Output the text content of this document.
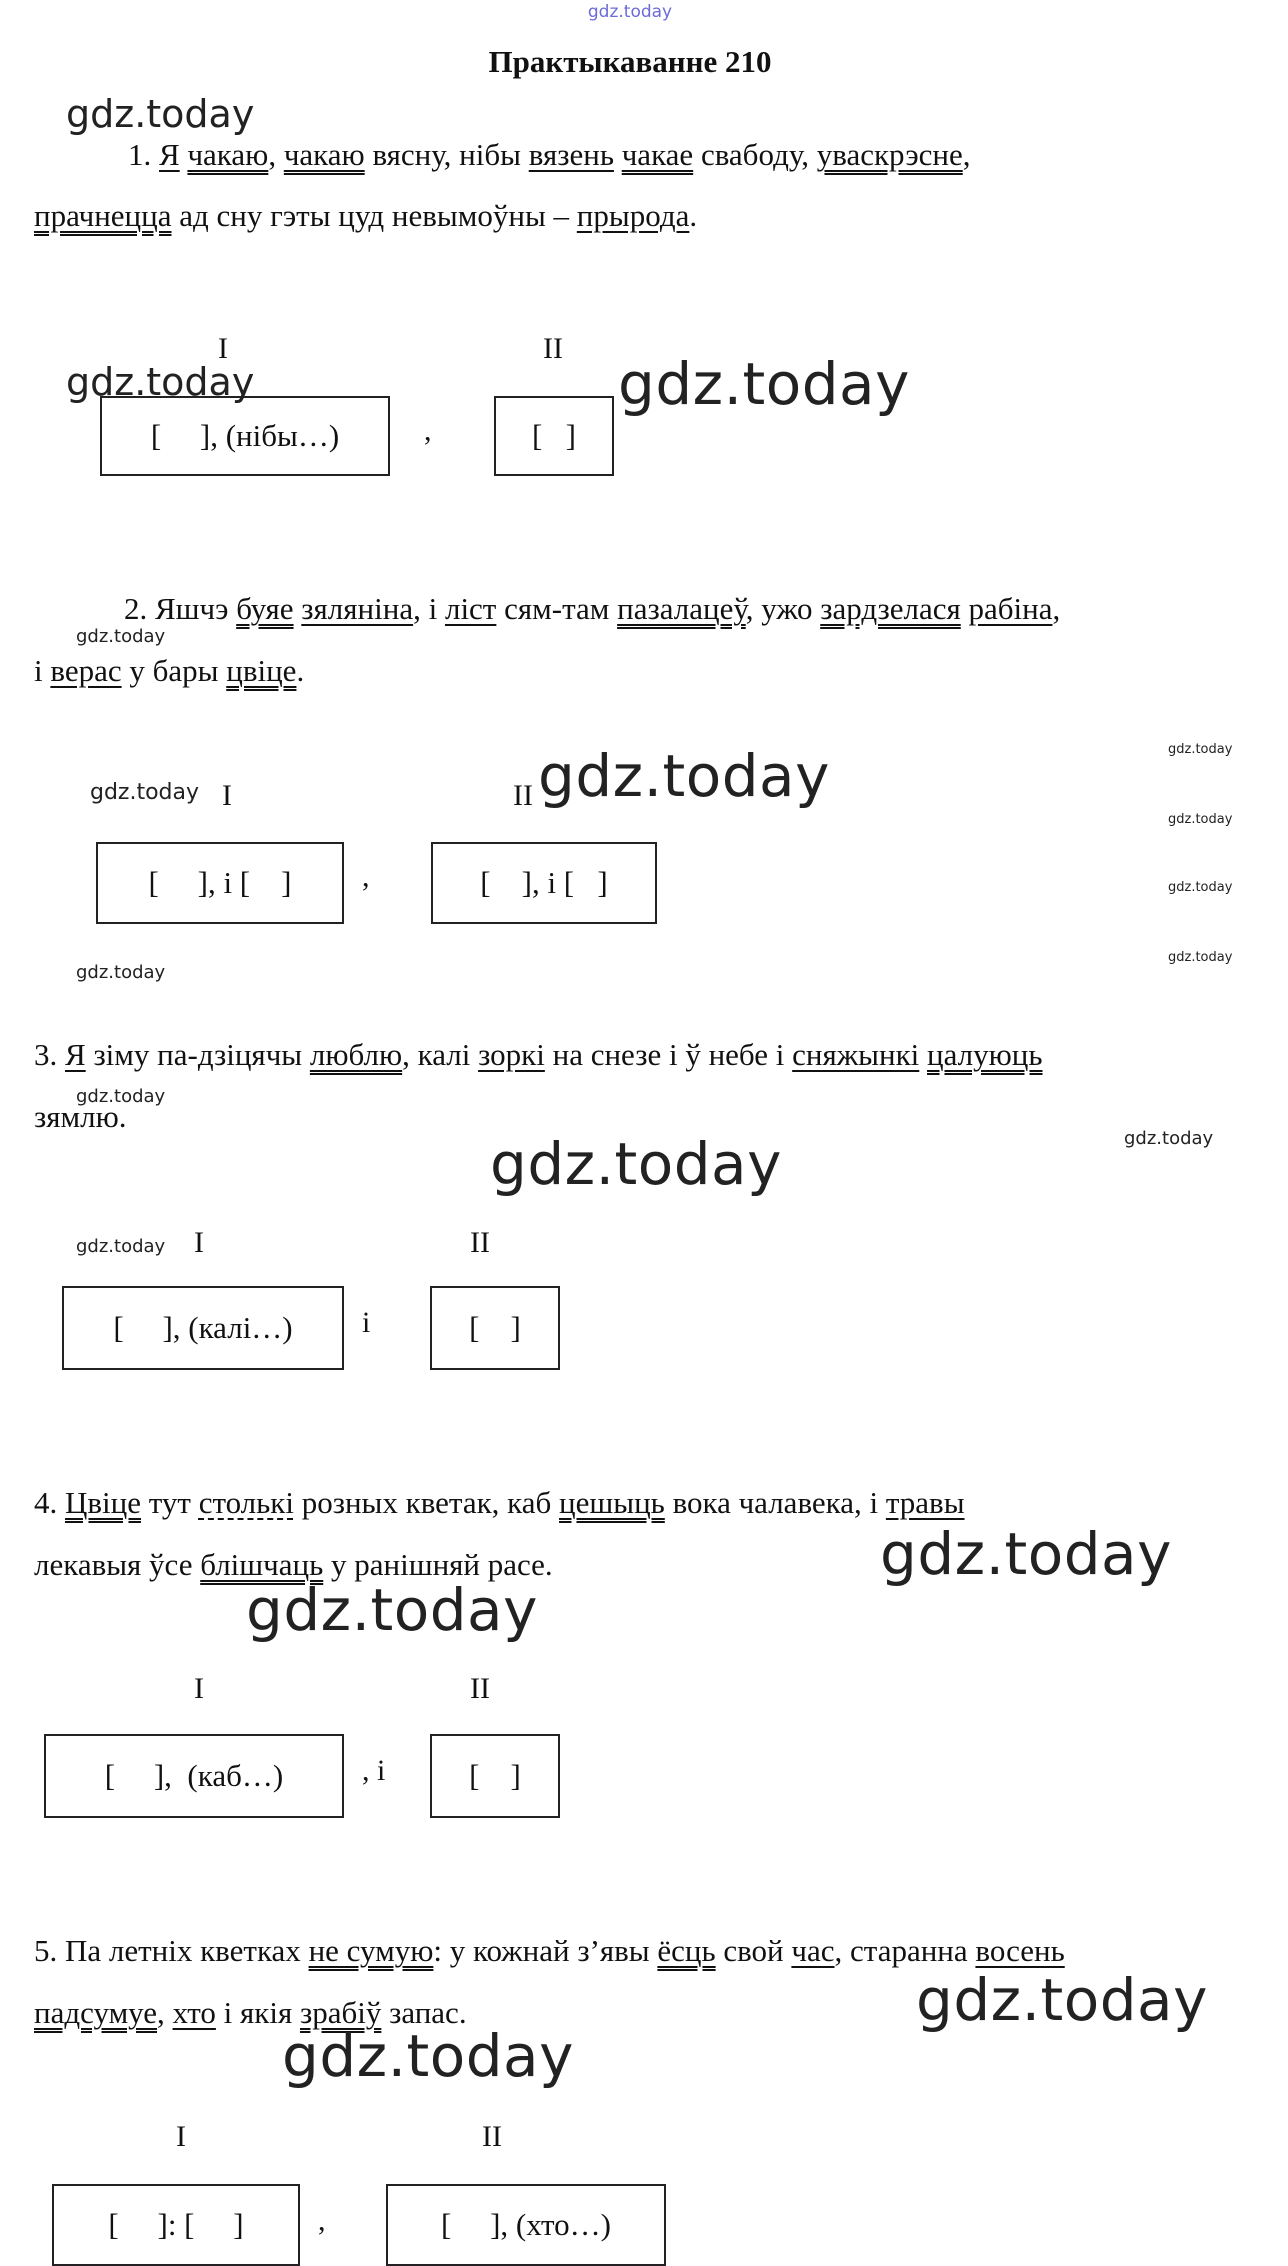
gdz.today
Практыкаванне 210
1. Я чакаю, чакаю вясну, нібы вязень чакае свабоду, уваскрэсне,
прачнецца ад сну гэты цуд невымоўны – прырода.
I	II
[     ], (нібы…)	,	[   ]
2. Яшчэ буяе зяляніна, і ліст сям-там пазалацеў, ужо зардзелася рабіна,
і верас у бары цвіце.
I	II
[     ], і [    ]	,	[    ], і [   ]
3. Я зіму па-дзіцячы люблю, калі зоркі на снезе і ў небе і сняжынкі цалуюць
зямлю.
I	II
[     ], (калі…)	і	[    ]
4. Цвіце тут столькі розных кветак, каб цешыць вока чалавека, і травы
лекавыя ўсе блішчаць у ранішняй расе.
I	II
[     ],  (каб…)	, і	[    ]
5. Па летніх кветках не сумую: у кожнай з’явы ёсць свой час, старанна восень
падсумуе, хто і якія зрабіў запас.
I	II
[     ]: [     ]	,	[     ], (хто…)
gdz.today
gdz.today	gdz.today
gdz.today
gdz.today	gdz.today	gdz.today
gdz.today
gdz.today
gdz.today
gdz.today
gdz.today
gdz.today
gdz.today
gdz.today
gdz.today
gdz.today
gdz.today
gdz.today
